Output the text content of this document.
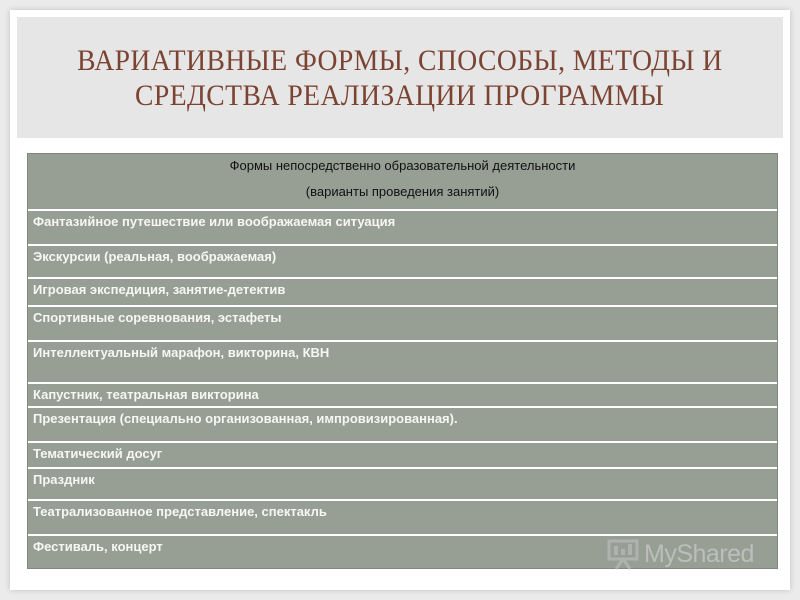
ВАРИАТИВНЫЕ ФОРМЫ, СПОСОБЫ, МЕТОДЫ И
СРЕДСТВА РЕАЛИЗАЦИИ ПРОГРАММЫ
Формы непосредственно образовательной деятельности
(варианты проведения занятий)
Фантазийное путешествие или воображаемая ситуация
Экскурсии (реальная, воображаемая)
Игровая экспедиция, занятие-детектив
Спортивные соревнования, эстафеты
Интеллектуальный марафон, викторина, КВН
Капустник, театральная викторина
Презентация (специально организованная, импровизированная).
Тематический досуг
Праздник
Театрализованное представление, спектакль
Фестиваль, концерт	MyShared
